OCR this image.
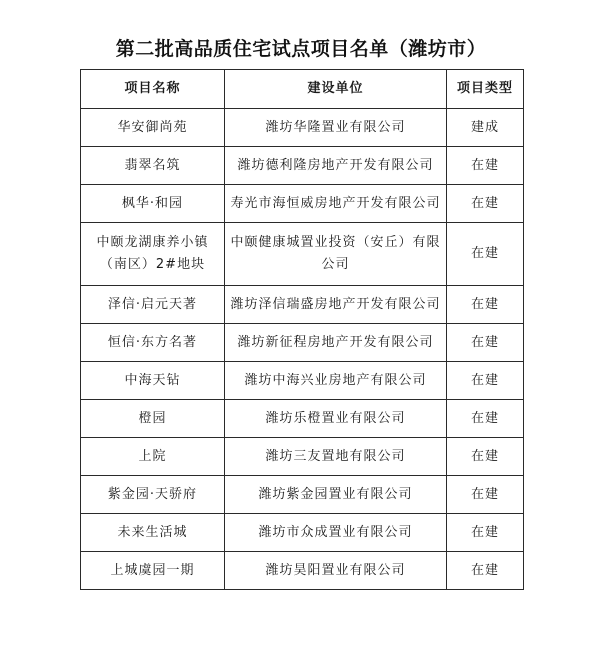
第二批高品质住宅试点项目名单（潍坊市）
项目名称	建设单位	项目类型
华安御尚苑	潍坊华隆置业有限公司	建成
翡翠名筑	潍坊德利隆房地产开发有限公司	在建
枫华·和园	寿光市海恒威房地产开发有限公司	在建
中颐龙湖康养小镇（南区）2#地块	中颐健康城置业投资（安丘）有限公司	在建
泽信·启元天著	潍坊泽信瑞盛房地产开发有限公司	在建
恒信·东方名著	潍坊新征程房地产开发有限公司	在建
中海天钻	潍坊中海兴业房地产有限公司	在建
橙园	潍坊乐橙置业有限公司	在建
上院	潍坊三友置地有限公司	在建
紫金园·天骄府	潍坊紫金园置业有限公司	在建
未来生活城	潍坊市众成置业有限公司	在建
上城虞园一期	潍坊昊阳置业有限公司	在建
